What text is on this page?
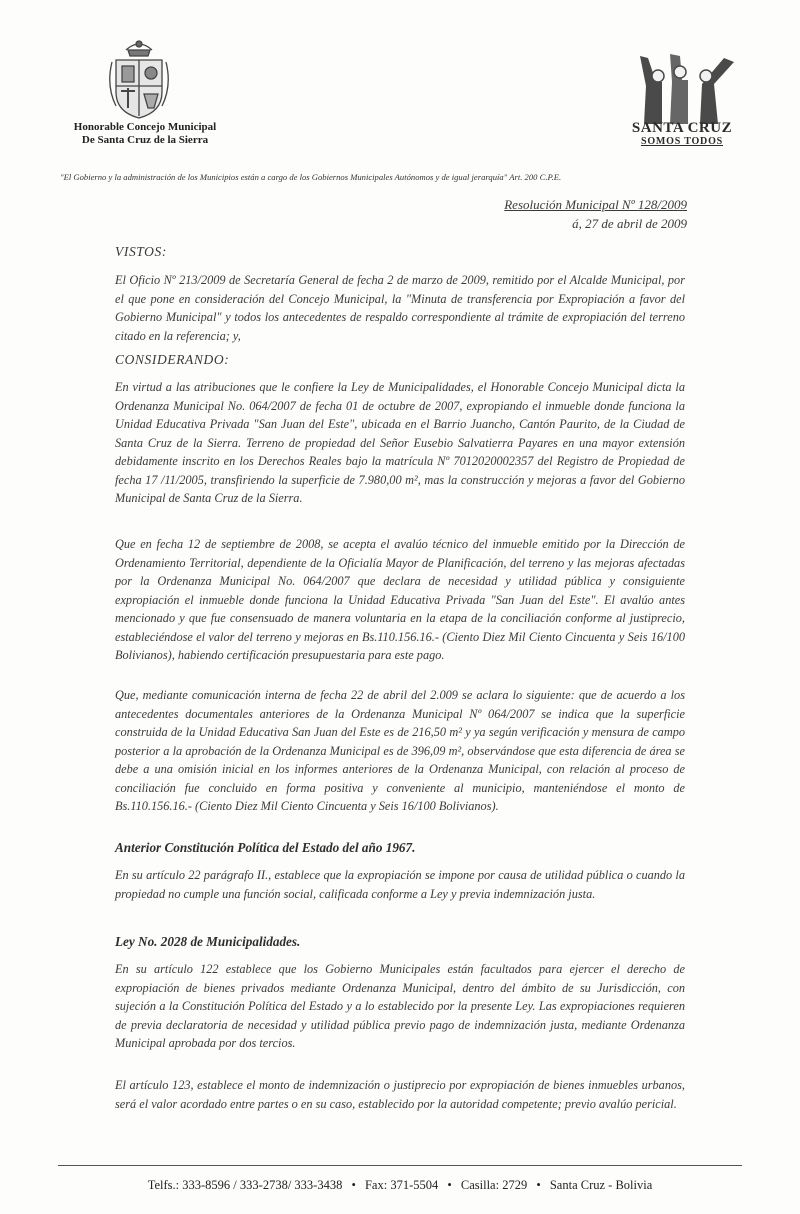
Honorable Concejo Municipal
De Santa Cruz de la Sierra
SANTA CRUZ
SOMOS TODOS
"El Gobierno y la administración de los Municipios están a cargo de los Gobiernos Municipales Autónomos y de igual jerarquía" Art. 200 C.P.E.
Resolución Municipal Nº 128/2009
á, 27 de abril de 2009
VISTOS:
El Oficio Nº 213/2009 de Secretaría General de fecha 2 de marzo de 2009, remitido por el Alcalde Municipal, por el que pone en consideración del Concejo Municipal, la "Minuta de transferencia por Expropiación a favor del Gobierno Municipal" y todos los antecedentes de respaldo correspondiente al trámite de expropiación del terreno citado en la referencia; y,
CONSIDERANDO:
En virtud a las atribuciones que le confiere la Ley de Municipalidades, el Honorable Concejo Municipal dicta la Ordenanza Municipal No. 064/2007 de fecha 01 de octubre de 2007, expropiando el inmueble donde funciona la Unidad Educativa Privada "San Juan del Este", ubicada en el Barrio Juancho, Cantón Paurito, de la Ciudad de Santa Cruz de la Sierra. Terreno de propiedad del Señor Eusebio Salvatierra Payares en una mayor extensión debidamente inscrito en los Derechos Reales bajo la matrícula Nº 7012020002357 del Registro de Propiedad de fecha 17 /11/2005, transfiriendo la superficie de 7.980,00 m², mas la construcción y mejoras a favor del Gobierno Municipal de Santa Cruz de la Sierra.
Que en fecha 12 de septiembre de 2008, se acepta el avalúo técnico del inmueble emitido por la Dirección de Ordenamiento Territorial, dependiente de la Oficialía Mayor de Planificación, del terreno y las mejoras afectadas por la Ordenanza Municipal No. 064/2007 que declara de necesidad y utilidad pública y consiguiente expropiación el inmueble donde funciona la Unidad Educativa Privada "San Juan del Este". El avalúo antes mencionado y que fue consensuado de manera voluntaria en la etapa de la conciliación conforme al justiprecio, estableciéndose el valor del terreno y mejoras en Bs.110.156.16.- (Ciento Diez Mil Ciento Cincuenta y Seis 16/100 Bolivianos), habiendo certificación presupuestaria para este pago.
Que, mediante comunicación interna de fecha 22 de abril del 2.009 se aclara lo siguiente: que de acuerdo a los antecedentes documentales anteriores de la Ordenanza Municipal Nº 064/2007 se indica que la superficie construida de la Unidad Educativa San Juan del Este es de 216,50 m² y ya según verificación y mensura de campo posterior a la aprobación de la Ordenanza Municipal es de 396,09 m², observándose que esta diferencia de área se debe a una omisión inicial en los informes anteriores de la Ordenanza Municipal, con relación al proceso de conciliación fue concluido en forma positiva y conveniente al municipio, manteniéndose el monto de Bs.110.156.16.- (Ciento Diez Mil Ciento Cincuenta y Seis 16/100 Bolivianos).
Anterior Constitución Política del Estado del año 1967.
En su artículo 22 parágrafo II., establece que la expropiación se impone por causa de utilidad pública o cuando la propiedad no cumple una función social, calificada conforme a Ley y previa indemnización justa.
Ley No. 2028 de Municipalidades.
En su artículo 122 establece que los Gobierno Municipales están facultados para ejercer el derecho de expropiación de bienes privados mediante Ordenanza Municipal, dentro del ámbito de su Jurisdicción, con sujeción a la Constitución Política del Estado y a lo establecido por la presente Ley. Las expropiaciones requieren de previa declaratoria de necesidad y utilidad pública previo pago de indemnización justa, mediante Ordenanza Municipal aprobada por dos tercios.
El artículo 123, establece el monto de indemnización o justiprecio por expropiación de bienes inmuebles urbanos, será el valor acordado entre partes o en su caso, establecido por la autoridad competente; previo avalúo pericial.
Telfs.: 333-8596 / 333-2738/ 333-3438 • Fax: 371-5504 • Casilla: 2729 • Santa Cruz - Bolivia
